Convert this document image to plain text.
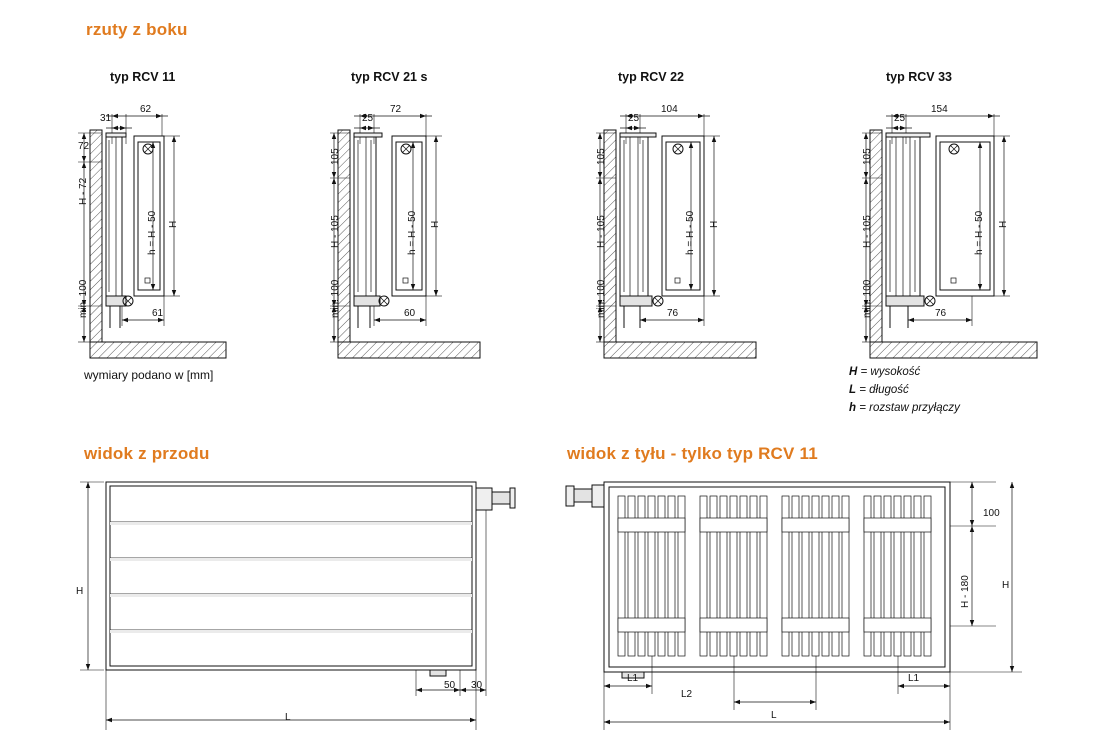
rzuty z boku
typ RCV 11
31
62
72
H - 72
min. 100
h = H - 50 H
61
typ RCV 21 s
25
72
105
H - 105
min. 100
h = H - 50 H
60
typ RCV 22
25
104
105
H - 105
min. 100
h = H - 50 H
76
typ RCV 33
25
154
105
H - 105
min. 100
h = H - 50 H
76
wymiary podano w [mm]	H = wysokość
L = długość
h = rozstaw przyłączy
widok z przodu
H
50 30
L
widok z tyłu - tylko typ RCV 11
100
H - 180	H
L1
L2
L1
L
